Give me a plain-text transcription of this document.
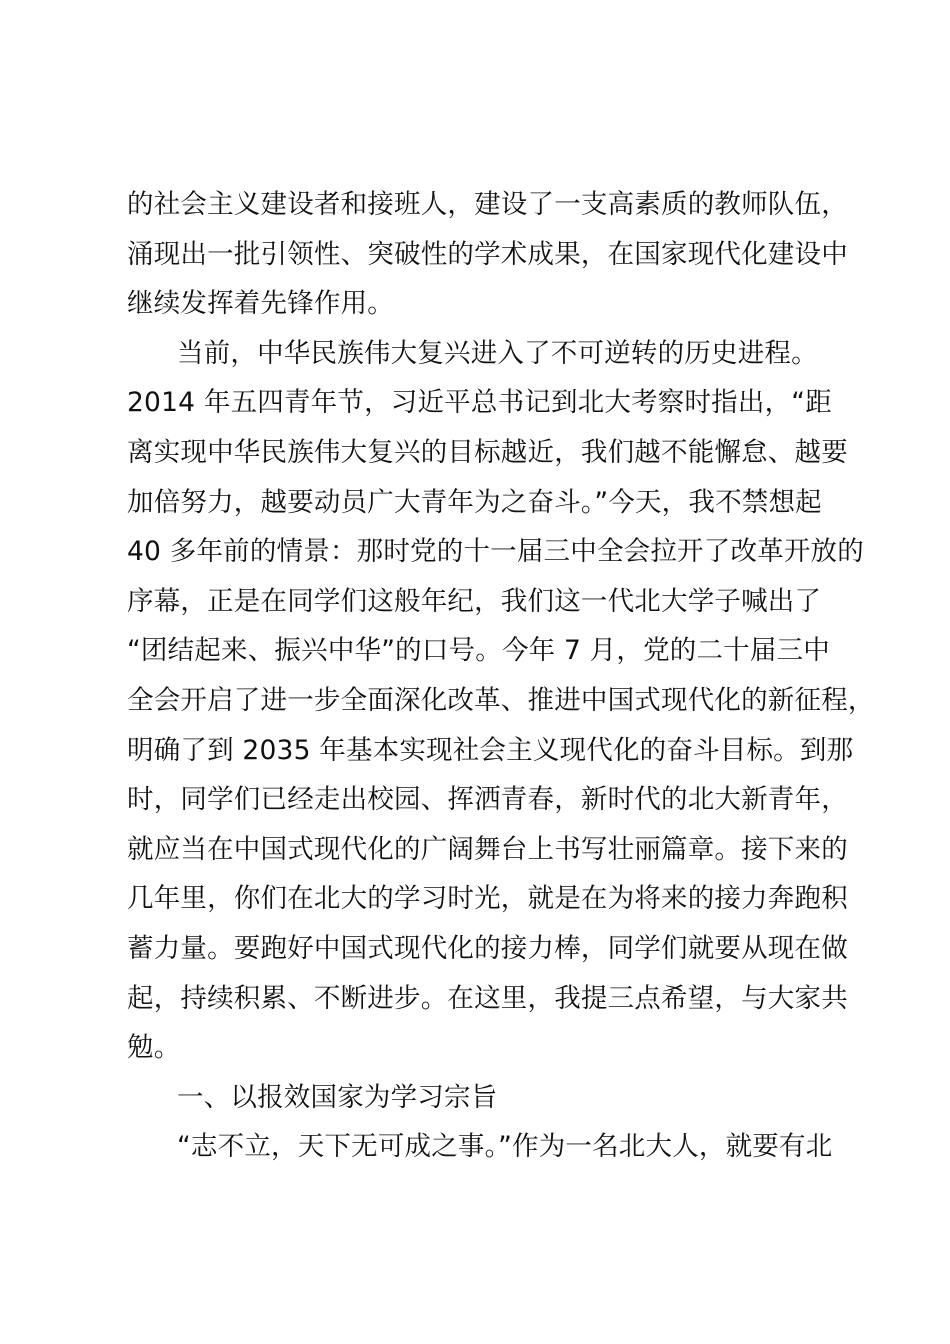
的社会主义建设者和接班人，建设了一支高素质的教师队伍，
涌现出一批引领性、突破性的学术成果，在国家现代化建设中
继续发挥着先锋作用。
当前，中华民族伟大复兴进入了不可逆转的历史进程。
2014 年五四青年节，习近平总书记到北大考察时指出，“距
离实现中华民族伟大复兴的目标越近，我们越不能懈怠、越要
加倍努力，越要动员广大青年为之奋斗。”今天，我不禁想起
40 多年前的情景：那时党的十一届三中全会拉开了改革开放的
序幕，正是在同学们这般年纪，我们这一代北大学子喊出了
“团结起来、振兴中华”的口号。今年 7 月，党的二十届三中
全会开启了进一步全面深化改革、推进中国式现代化的新征程，
明确了到 2035 年基本实现社会主义现代化的奋斗目标。到那
时，同学们已经走出校园、挥洒青春，新时代的北大新青年，
就应当在中国式现代化的广阔舞台上书写壮丽篇章。接下来的
几年里，你们在北大的学习时光，就是在为将来的接力奔跑积
蓄力量。要跑好中国式现代化的接力棒，同学们就要从现在做
起，持续积累、不断进步。在这里，我提三点希望，与大家共
勉。
一、以报效国家为学习宗旨
“志不立，天下无可成之事。”作为一名北大人，就要有北
